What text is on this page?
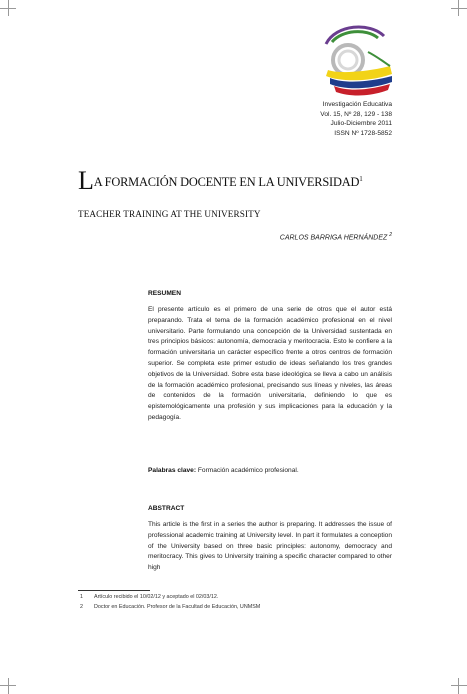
Investigación Educativa
Vol. 15, Nº 28, 129 - 138
Julio-Diciembre 2011
ISSN Nº 1728-5852
LA FORMACIÓN DOCENTE EN LA UNIVERSIDAD$^1$
TEACHER TRAINING AT THE UNIVERSITY
CARLOS BARRIGA HERNÁNDEZ $^2$
RESUMEN
El presente artículo es el primero de una serie de otros que el autor está preparando. Trata el tema de la formación académico profesional en el nivel universitario. Parte formulando una concepción de la Universidad sustentada en tres principios básicos: autonomía, democracia y meritocracia. Esto le confiere a la formación universitaria un carácter específico frente a otros centros de formación superior. Se completa este primer estudio de ideas señalando los tres grandes objetivos de la Universidad. Sobre esta base ideológica se lleva a cabo un análisis de la formación académico profesional, precisando sus líneas y niveles, las áreas de contenidos de la formación universitaria, definiendo lo que es epistemológicamente una profesión y sus implicaciones para la educación y la pedagogía.
Palabras clave: Formación académico profesional.
ABSTRACT
This article is the first in a series the author is preparing. It addresses the issue of professional academic training at University level. In part it formulates a conception of the University based on three basic principles: autonomy, democracy and meritocracy. This gives to University training a specific character compared to other high
1 Artículo recibido el 10/02/12 y aceptado el 02/03/12.
2 Doctor en Educación. Profesor de la Facultad de Educación, UNMSM
